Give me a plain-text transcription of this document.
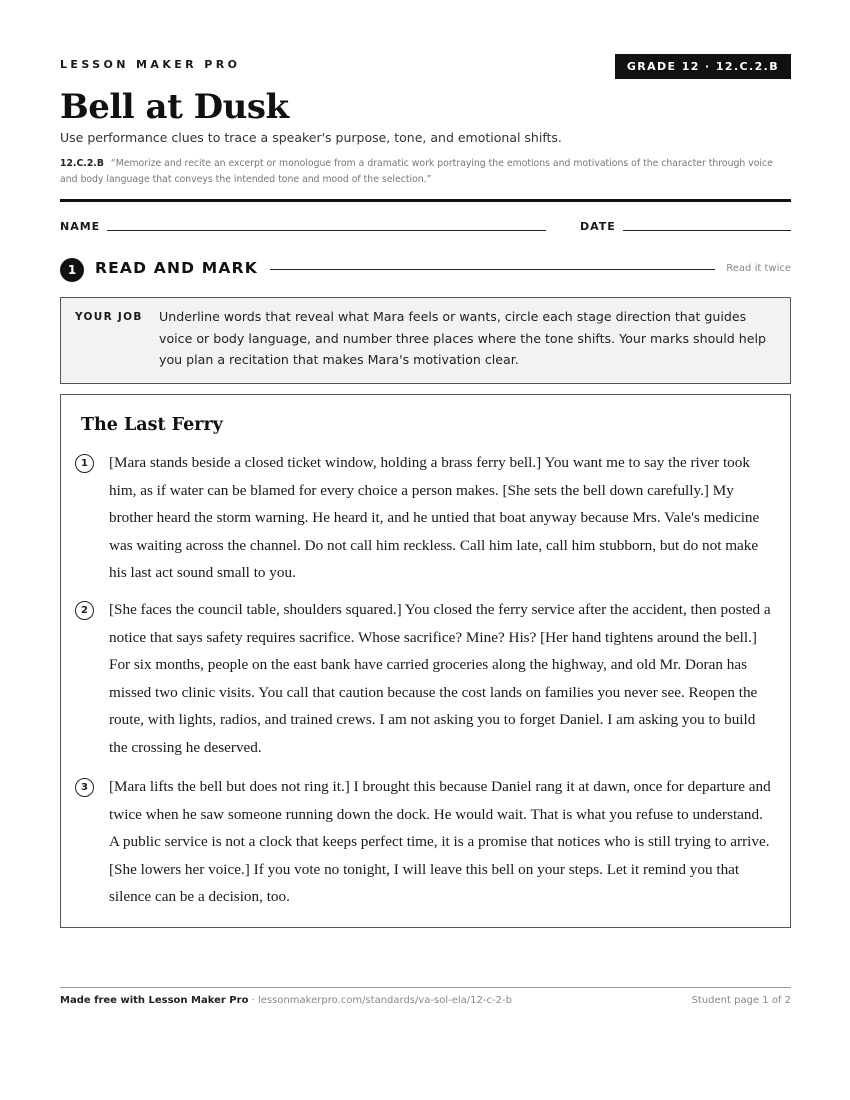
LESSON MAKER PRO	GRADE 12 · 12.C.2.B
Bell at Dusk
Use performance clues to trace a speaker's purpose, tone, and emotional shifts.
12.C.2.B “Memorize and recite an excerpt or monologue from a dramatic work portraying the emotions and motivations of the character through voice and body language that conveys the intended tone and mood of the selection.”
NAME	DATE
1	READ AND MARK	Read it twice
YOUR JOB Underline words that reveal what Mara feels or wants, circle each stage direction that guides voice or body language, and number three places where the tone shifts. Your marks should help you plan a recitation that makes Mara's motivation clear.
The Last Ferry
1	[Mara stands beside a closed ticket window, holding a brass ferry bell.] You want me to say the river took him, as if water can be blamed for every choice a person makes. [She sets the bell down carefully.] My brother heard the storm warning. He heard it, and he untied that boat anyway because Mrs. Vale's medicine was waiting across the channel. Do not call him reckless. Call him late, call him stubborn, but do not make his last act sound small to you.

2	[She faces the council table, shoulders squared.] You closed the ferry service after the accident, then posted a notice that says safety requires sacrifice. Whose sacrifice? Mine? His? [Her hand tightens around the bell.] For six months, people on the east bank have carried groceries along the highway, and old Mr. Doran has missed two clinic visits. You call that caution because the cost lands on families you never see. Reopen the route, with lights, radios, and trained crews. I am not asking you to forget Daniel. I am asking you to build the crossing he deserved.

3	[Mara lifts the bell but does not ring it.] I brought this because Daniel rang it at dawn, once for departure and twice when he saw someone running down the dock. He would wait. That is what you refuse to understand. A public service is not a clock that keeps perfect time, it is a promise that notices who is still trying to arrive. [She lowers her voice.] If you vote no tonight, I will leave this bell on your steps. Let it remind you that silence can be a decision, too.

Made free with Lesson Maker Pro · lessonmakerpro.com/standards/va-sol-ela/12-c-2-b	Student page 1 of 2
